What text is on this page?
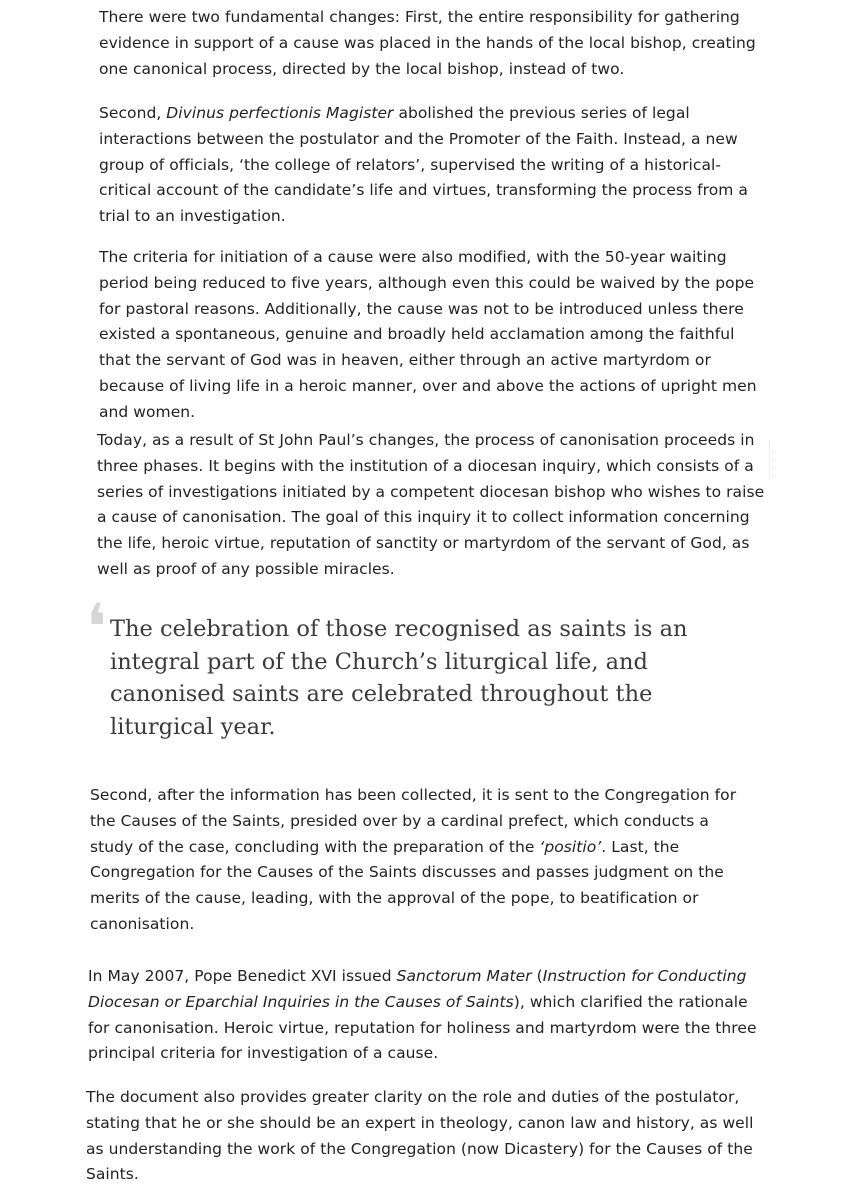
There were two fundamental changes: First, the entire responsibility for gathering evidence in support of a cause was placed in the hands of the local bishop, creating one canonical process, directed by the local bishop, instead of two.

Second, Divinus perfectionis Magister abolished the previous series of legal interactions between the postulator and the Promoter of the Faith. Instead, a new group of officials, ‘the college of relators’, supervised the writing of a historical-critical account of the candidate’s life and virtues, transforming the process from a trial to an investigation.

The criteria for initiation of a cause were also modified, with the 50-year waiting period being reduced to five years, although even this could be waived by the pope for pastoral reasons. Additionally, the cause was not to be introduced unless there existed a spontaneous, genuine and broadly held acclamation among the faithful that the servant of God was in heaven, either through an active martyrdom or because of living life in a heroic manner, over and above the actions of upright men and women.

Today, as a result of St John Paul’s changes, the process of canonisation proceeds in three phases. It begins with the institution of a diocesan inquiry, which consists of a series of investigations initiated by a competent diocesan bishop who wishes to raise a cause of canonisation. The goal of this inquiry it to collect information concerning the life, heroic virtue, reputation of sanctity or martyrdom of the servant of God, as well as proof of any possible miracles.

❛ The celebration of those recognised as saints is an integral part of the Church’s liturgical life, and canonised saints are celebrated throughout the liturgical year.

Second, after the information has been collected, it is sent to the Congregation for the Causes of the Saints, presided over by a cardinal prefect, which conducts a study of the case, concluding with the preparation of the ‘positio’. Last, the Congregation for the Causes of the Saints discusses and passes judgment on the merits of the cause, leading, with the approval of the pope, to beatification or canonisation.

In May 2007, Pope Benedict XVI issued Sanctorum Mater (Instruction for Conducting Diocesan or Eparchial Inquiries in the Causes of Saints), which clarified the rationale for canonisation. Heroic virtue, reputation for holiness and martyrdom were the three principal criteria for investigation of a cause.

The document also provides greater clarity on the role and duties of the postulator, stating that he or she should be an expert in theology, canon law and history, as well as understanding the work of the Congregation (now Dicastery) for the Causes of the Saints.
